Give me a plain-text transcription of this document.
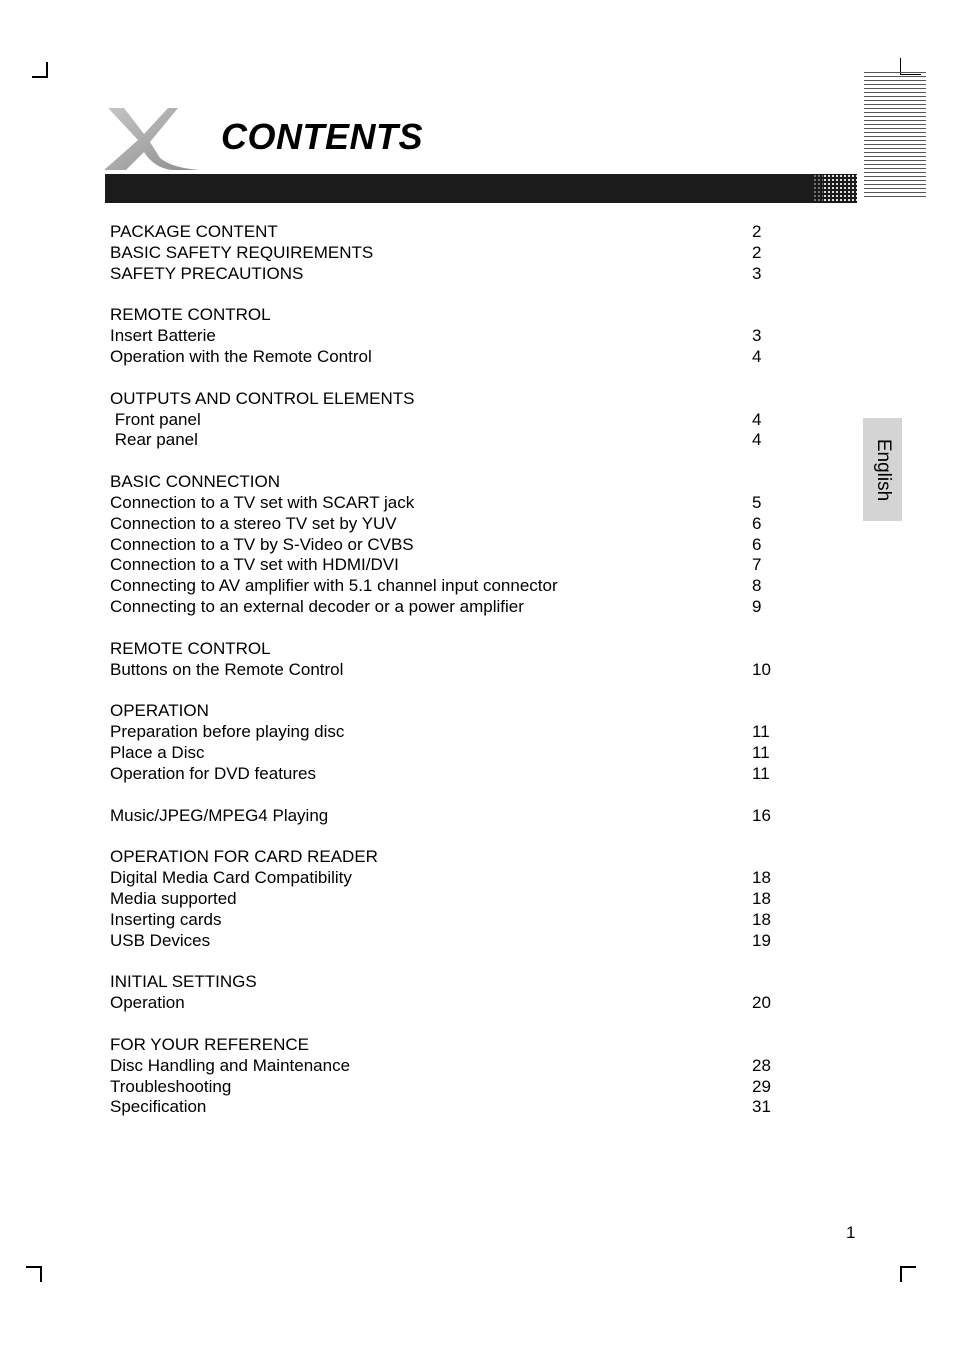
CONTENTS
PACKAGE CONTENT	2
BASIC SAFETY REQUIREMENTS	2
SAFETY PRECAUTIONS	3
REMOTE CONTROL
Insert Batterie	3
Operation with the Remote Control	4
OUTPUTS AND CONTROL ELEMENTS
Front panel	4
Rear panel	4
BASIC CONNECTION
Connection to a TV set with SCART jack	5
Connection to a stereo TV set by YUV	6
Connection to a TV by S-Video or CVBS	6
Connection to a TV set with HDMI/DVI	7
Connecting to AV amplifier with 5.1 channel input connector	8
Connecting to an external decoder or a power amplifier	9
REMOTE CONTROL
Buttons on the Remote Control	10
OPERATION
Preparation before playing disc	11
Place a Disc	11
Operation for DVD features	11
Music/JPEG/MPEG4 Playing	16
OPERATION FOR CARD READER
Digital Media Card Compatibility	18
Media supported	18
Inserting cards	18
USB Devices	19
INITIAL SETTINGS
Operation	20
FOR YOUR REFERENCE
Disc Handling and Maintenance	28
Troubleshooting	29
Specification	31
English
1
